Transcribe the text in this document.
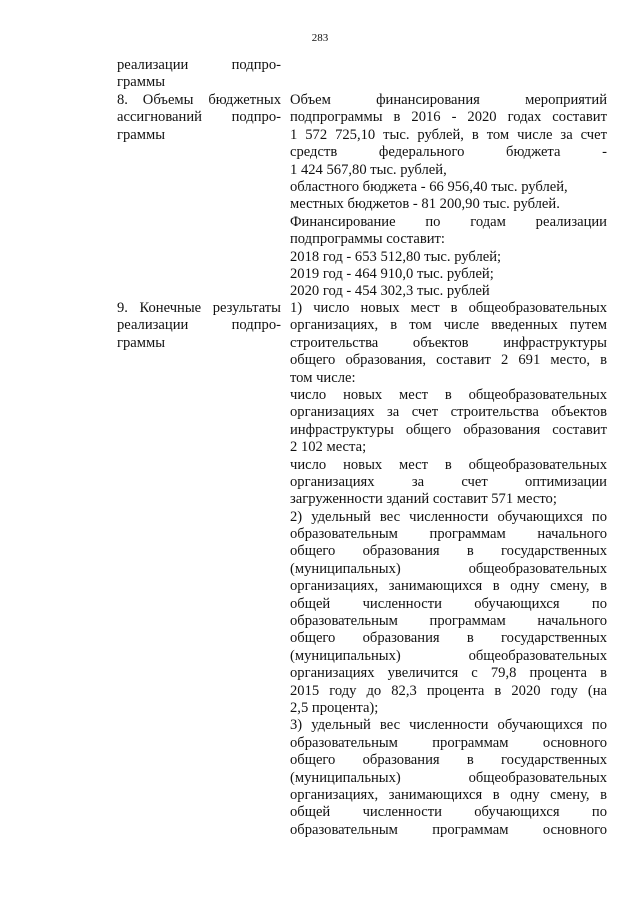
283
реализации подпро-
граммы
8. Объемы бюджетных
ассигнований подпро-
граммы
Объем финансирования мероприятий
подпрограммы в 2016 - 2020 годах составит
1 572 725,10 тыс. рублей, в том числе за счет
средств федерального бюджета -
1 424 567,80 тыс. рублей,
областного бюджета - 66 956,40 тыс. рублей,
местных бюджетов - 81 200,90 тыс. рублей.
Финансирование по годам реализации
подпрограммы составит:
2018 год - 653 512,80 тыс. рублей;
2019 год - 464 910,0 тыс. рублей;
2020 год - 454 302,3 тыс. рублей
9. Конечные результаты
реализации подпро-
граммы
1) число новых мест в общеобразовательных
организациях, в том числе введенных путем
строительства объектов инфраструктуры
общего образования, составит 2 691 место, в
том числе:
число новых мест в общеобразовательных
организациях за счет строительства объектов
инфраструктуры общего образования составит
2 102 места;
число новых мест в общеобразовательных
организациях за счет оптимизации
загруженности зданий составит 571 место;
2) удельный вес численности обучающихся по
образовательным программам начального
общего образования в государственных
(муниципальных) общеобразовательных
организациях, занимающихся в одну смену, в
общей численности обучающихся по
образовательным программам начального
общего образования в государственных
(муниципальных) общеобразовательных
организациях увеличится с 79,8 процента в
2015 году до 82,3 процента в 2020 году (на
2,5 процента);
3) удельный вес численности обучающихся по
образовательным программам основного
общего образования в государственных
(муниципальных) общеобразовательных
организациях, занимающихся в одну смену, в
общей численности обучающихся по
образовательным программам основного
